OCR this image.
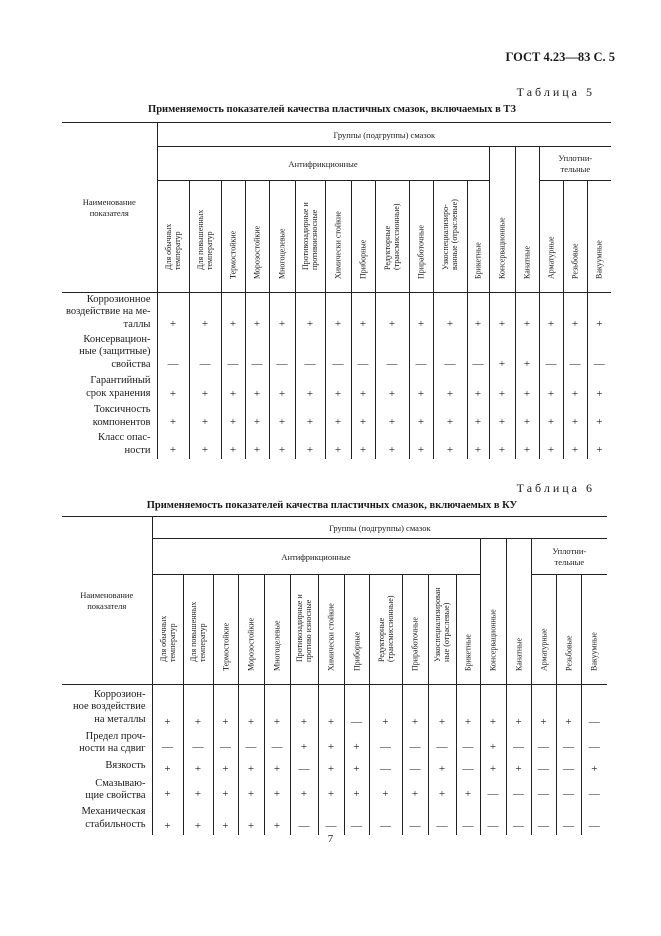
ГОСТ 4.23—83 С. 5
Таблица 5
Применяемость показателей качества пластичных смазок, включаемых в ТЗ
Наименование
показателя	Группы (подгруппы) смазок																
	Антифрикционные												Консервационные	Канатные	Уплотни-
тельные		

	Для обычных
температур	Для повышенных
температур	Термостойкие	Морозостойкие	Многоцелевые	Противозадирные и
противоизносные	Химически стойкие	Приборные	Редукторные
(трансмиссионные)	Приработочные	Узкоспециализиро-
ванные (отраслевые)	Брикетные			Арматурные	Резьбовые	Вакуумные

Коррозионное
воздействие на ме-
таллы	+	+	+	+	+	+	+	+	+	+	+	+	+	+	+	+	+

Консервацион-
ные (защитные)
свойства	—	—	—	—	—	—	—	—	—	—	—	—	+	+	—	—	—

Гарантийный
срок хранения	+	+	+	+	+	+	+	+	+	+	+	+	+	+	+	+	+

Токсичность
компонентов	+	+	+	+	+	+	+	+	+	+	+	+	+	+	+	+	+

Класс опас-
ности	+	+	+	+	+	+	+	+	+	+	+	+	+	+	+	+	+
Таблица 6
Применяемость показателей качества пластичных смазок, включаемых в КУ
Наименование
показателя	Группы (подгруппы) смазок																
	Антифрикционные												Консервационные	Канатные	Уплотни-
тельные		

	Для обычных
температур	Для повышенных
температур	Термостойкие	Морозостойкие	Многоцелевые	Противозадирные и
противо износные	Химически стойкие	Приборные	Редукторные
(трансмиссионные)	Приработочные	Узкоспециализирован
ные (отраслевые)	Брикетные			Арматурные	Резьбовые	Вакуумные

Коррозион-
ное воздействие
на металлы	+	+	+	+	+	+	+	—	+	+	+	+	+	+	+	+	—

Предел проч-
ности на сдвиг	—	—	—	—	—	+	+	+	—	—	—	—	+	—	—	—	—

Вязкость	+	+	+	+	+	—	+	+	—	—	+	—	+	+	—	—	+

Смазываю-
щие свойства	+	+	+	+	+	+	+	+	+	+	+	+	—	—	—	—	—

Механическая
стабильность	+	+	+	+	+	—	—	—	—	—	—	—	—	—	—	—	—
7
